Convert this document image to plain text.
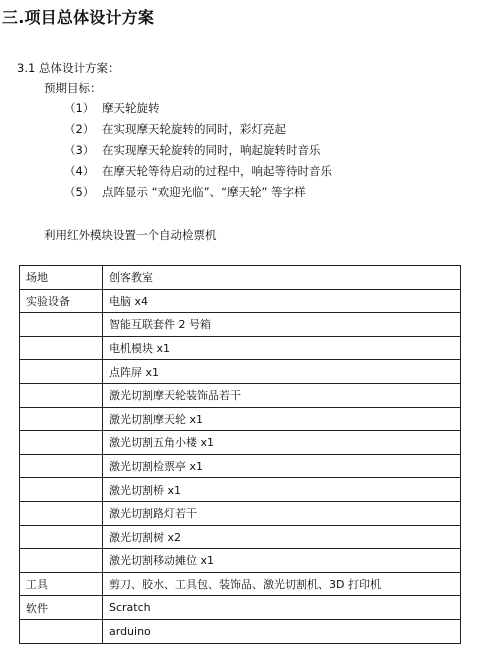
三.项目总体设计方案
3.1 总体设计方案：
预期目标：
（1） 摩天轮旋转
（2） 在实现摩天轮旋转的同时，彩灯亮起
（3） 在实现摩天轮旋转的同时，响起旋转时音乐
（4） 在摩天轮等待启动的过程中，响起等待时音乐
（5） 点阵显示 “欢迎光临”、“摩天轮” 等字样
利用红外模块设置一个自动检票机
场地	创客教室
实验设备	电脑 x4
	智能互联套件 2 号箱
	电机模块 x1
	点阵屏 x1
	激光切割摩天轮装饰品若干
	激光切割摩天轮 x1
	激光切割五角小楼 x1
	激光切割检票亭 x1
	激光切割桥 x1
	激光切割路灯若干
	激光切割树 x2
	激光切割移动摊位 x1
工具	剪刀、胶水、工具包、装饰品、激光切割机、3D 打印机
软件	Scratch
	arduino
